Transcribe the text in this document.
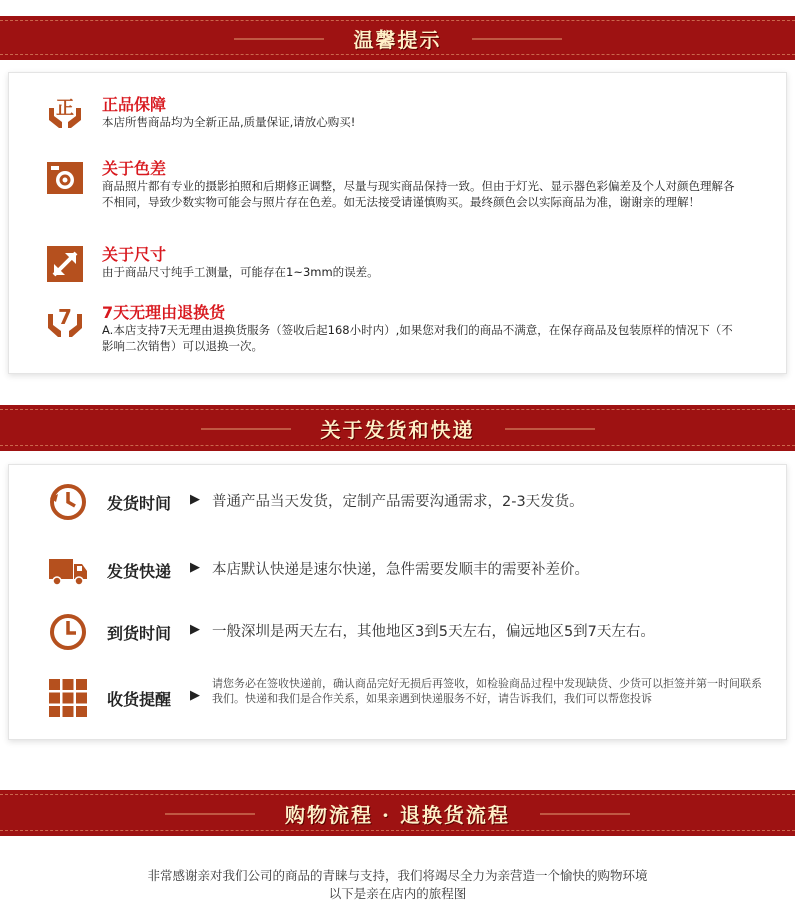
温馨提示
正 正品保障
本店所售商品均为全新正品,质量保证,请放心购买!
关于色差
商品照片都有专业的摄影拍照和后期修正调整，尽量与现实商品保持一致。但由于灯光、显示器色彩偏差及个人对颜色理解各不相同，导致少数实物可能会与照片存在色差。如无法接受请谨慎购买。最终颜色会以实际商品为准，谢谢亲的理解！
关于尺寸
由于商品尺寸纯手工测量，可能存在1~3mm的误差。
7 7天无理由退换货
A.本店支持7天无理由退换货服务（签收后起168小时内）,如果您对我们的商品不满意，在保存商品及包装原样的情况下（不影响二次销售）可以退换一次。
关于发货和快递
发货时间 ▶ 普通产品当天发货，定制产品需要沟通需求，2-3天发货。
发货快递 ▶ 本店默认快递是速尔快递，急件需要发顺丰的需要补差价。
到货时间 ▶ 一般深圳是两天左右，其他地区3到5天左右，偏远地区5到7天左右。
收货提醒 ▶
请您务必在签收快递前，确认商品完好无损后再签收，如检验商品过程中发现缺货、少货可以拒签并第一时间联系我们。快递和我们是合作关系，如果亲遇到快递服务不好，请告诉我们，我们可以帮您投诉
购物流程 · 退换货流程
非常感谢亲对我们公司的商品的青睐与支持，我们将竭尽全力为亲营造一个愉快的购物环境
以下是亲在店内的旅程图
